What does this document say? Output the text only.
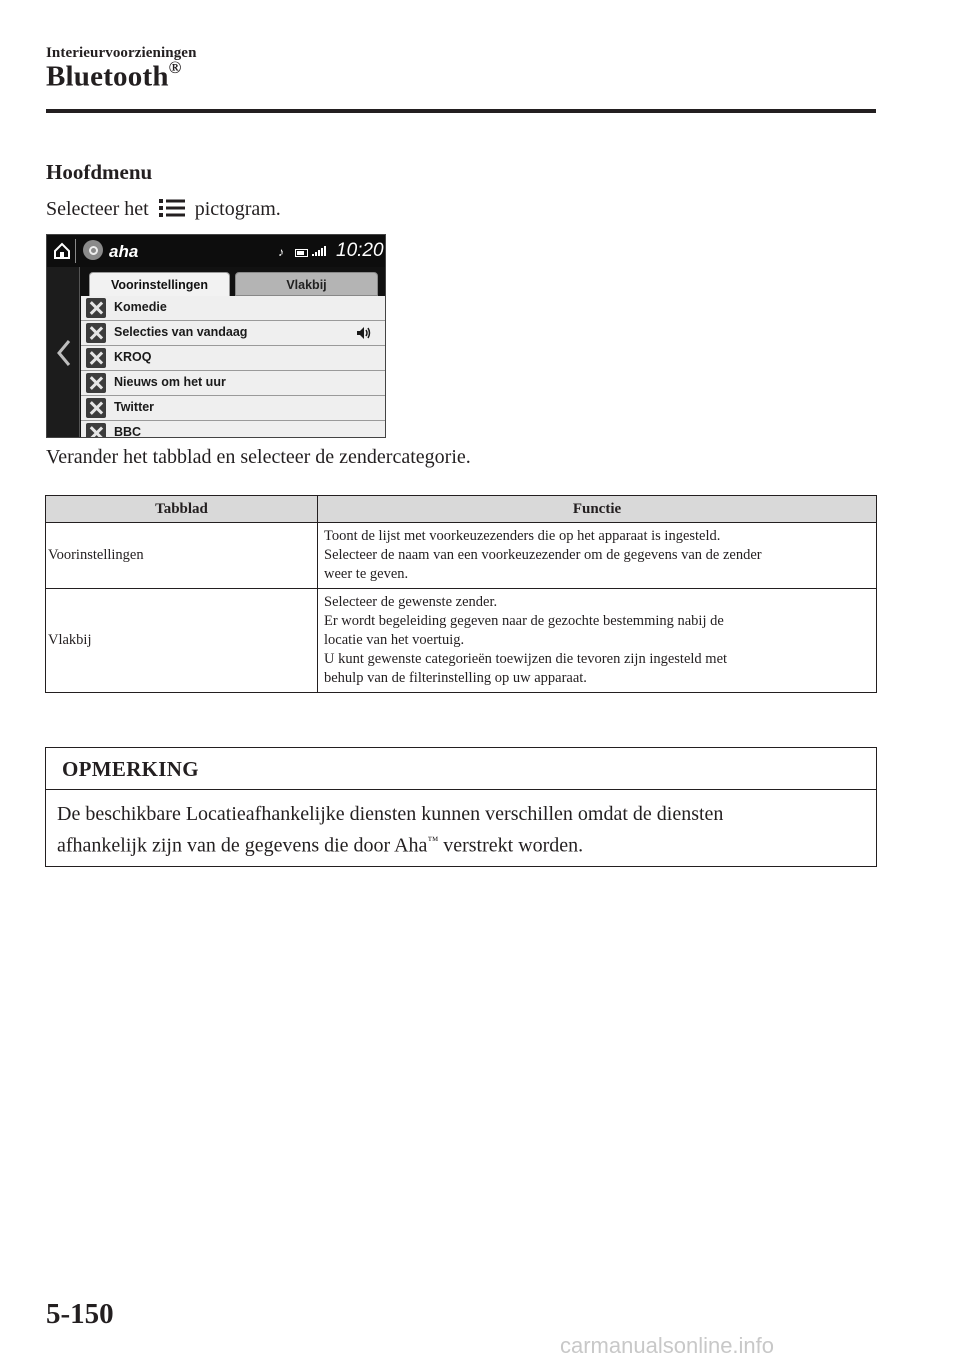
Interieurvoorzieningen
Bluetooth®
Hoofdmenu
Selecteer het pictogram.
aha	♪	10:20
Voorinstellingen	Vlakbij
Komedie
Selecties van vandaag
KROQ
Nieuws om het uur
Twitter
BBC
Verander het tabblad en selecteer de zendercategorie.
Tabblad	Functie
Voorinstellingen	Toont de lijst met voorkeuzezenders die op het apparaat is ingesteld.
Selecteer de naam van een voorkeuzezender om de gegevens van de zender
weer te geven.

Vlakbij	Selecteer de gewenste zender.
Er wordt begeleiding gegeven naar de gezochte bestemming nabij de
locatie van het voertuig.
U kunt gewenste categorieën toewijzen die tevoren zijn ingesteld met
behulp van de filterinstelling op uw apparaat.
OPMERKING
De beschikbare Locatieafhankelijke diensten kunnen verschillen omdat de diensten
afhankelijk zijn van de gegevens die door Aha™ verstrekt worden.
5-150
carmanualsonline.info
